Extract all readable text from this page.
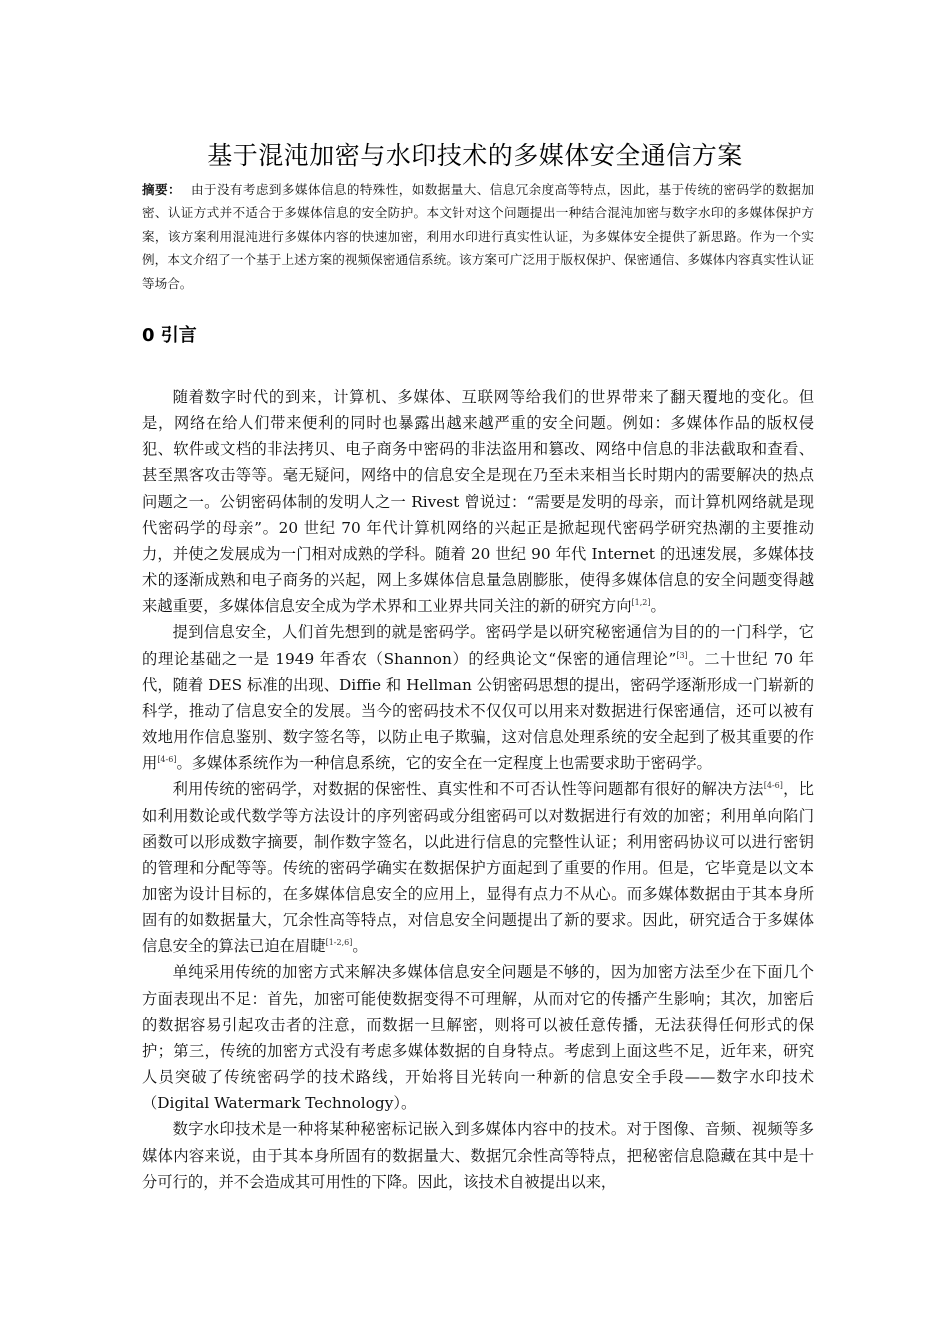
基于混沌加密与水印技术的多媒体安全通信方案
摘要： 由于没有考虑到多媒体信息的特殊性，如数据量大、信息冗余度高等特点，因此，基于传统的密码学的数据加密、认证方式并不适合于多媒体信息的安全防护。本文针对这个问题提出一种结合混沌加密与数字水印的多媒体保护方案，该方案利用混沌进行多媒体内容的快速加密，利用水印进行真实性认证，为多媒体安全提供了新思路。作为一个实例，本文介绍了一个基于上述方案的视频保密通信系统。该方案可广泛用于版权保护、保密通信、多媒体内容真实性认证等场合。
0 引言

随着数字时代的到来，计算机、多媒体、互联网等给我们的世界带来了翻天覆地的变化。但是，网络在给人们带来便利的同时也暴露出越来越严重的安全问题。例如：多媒体作品的版权侵犯、软件或文档的非法拷贝、电子商务中密码的非法盗用和篡改、网络中信息的非法截取和查看、甚至黑客攻击等等。毫无疑问，网络中的信息安全是现在乃至未来相当长时期内的需要解决的热点问题之一。公钥密码体制的发明人之一 Rivest 曾说过：“需要是发明的母亲，而计算机网络就是现代密码学的母亲”。20 世纪 70 年代计算机网络的兴起正是掀起现代密码学研究热潮的主要推动力，并使之发展成为一门相对成熟的学科。随着 20 世纪 90 年代 Internet 的迅速发展，多媒体技术的逐渐成熟和电子商务的兴起，网上多媒体信息量急剧膨胀，使得多媒体信息的安全问题变得越来越重要，多媒体信息安全成为学术界和工业界共同关注的新的研究方向[1,2]。

提到信息安全，人们首先想到的就是密码学。密码学是以研究秘密通信为目的的一门科学，它的理论基础之一是 1949 年香农（Shannon）的经典论文“保密的通信理论”[3]。二十世纪 70 年代，随着 DES 标准的出现、Diffie 和 Hellman 公钥密码思想的提出，密码学逐渐形成一门崭新的科学，推动了信息安全的发展。当今的密码技术不仅仅可以用来对数据进行保密通信，还可以被有效地用作信息鉴别、数字签名等，以防止电子欺骗，这对信息处理系统的安全起到了极其重要的作用[4-6]。多媒体系统作为一种信息系统，它的安全在一定程度上也需要求助于密码学。

利用传统的密码学，对数据的保密性、真实性和不可否认性等问题都有很好的解决方法[4-6]，比如利用数论或代数学等方法设计的序列密码或分组密码可以对数据进行有效的加密；利用单向陷门函数可以形成数字摘要，制作数字签名，以此进行信息的完整性认证；利用密码协议可以进行密钥的管理和分配等等。传统的密码学确实在数据保护方面起到了重要的作用。但是，它毕竟是以文本加密为设计目标的，在多媒体信息安全的应用上，显得有点力不从心。而多媒体数据由于其本身所固有的如数据量大，冗余性高等特点，对信息安全问题提出了新的要求。因此，研究适合于多媒体信息安全的算法已迫在眉睫[1-2,6]。

单纯采用传统的加密方式来解决多媒体信息安全问题是不够的，因为加密方法至少在下面几个方面表现出不足：首先，加密可能使数据变得不可理解，从而对它的传播产生影响；其次，加密后的数据容易引起攻击者的注意，而数据一旦解密，则将可以被任意传播，无法获得任何形式的保护；第三，传统的加密方式没有考虑多媒体数据的自身特点。考虑到上面这些不足，近年来，研究人员突破了传统密码学的技术路线，开始将目光转向一种新的信息安全手段——数字水印技术（Digital Watermark Technology）。

数字水印技术是一种将某种秘密标记嵌入到多媒体内容中的技术。对于图像、音频、视频等多媒体内容来说，由于其本身所固有的数据量大、数据冗余性高等特点，把秘密信息隐藏在其中是十分可行的，并不会造成其可用性的下降。因此，该技术自被提出以来，
